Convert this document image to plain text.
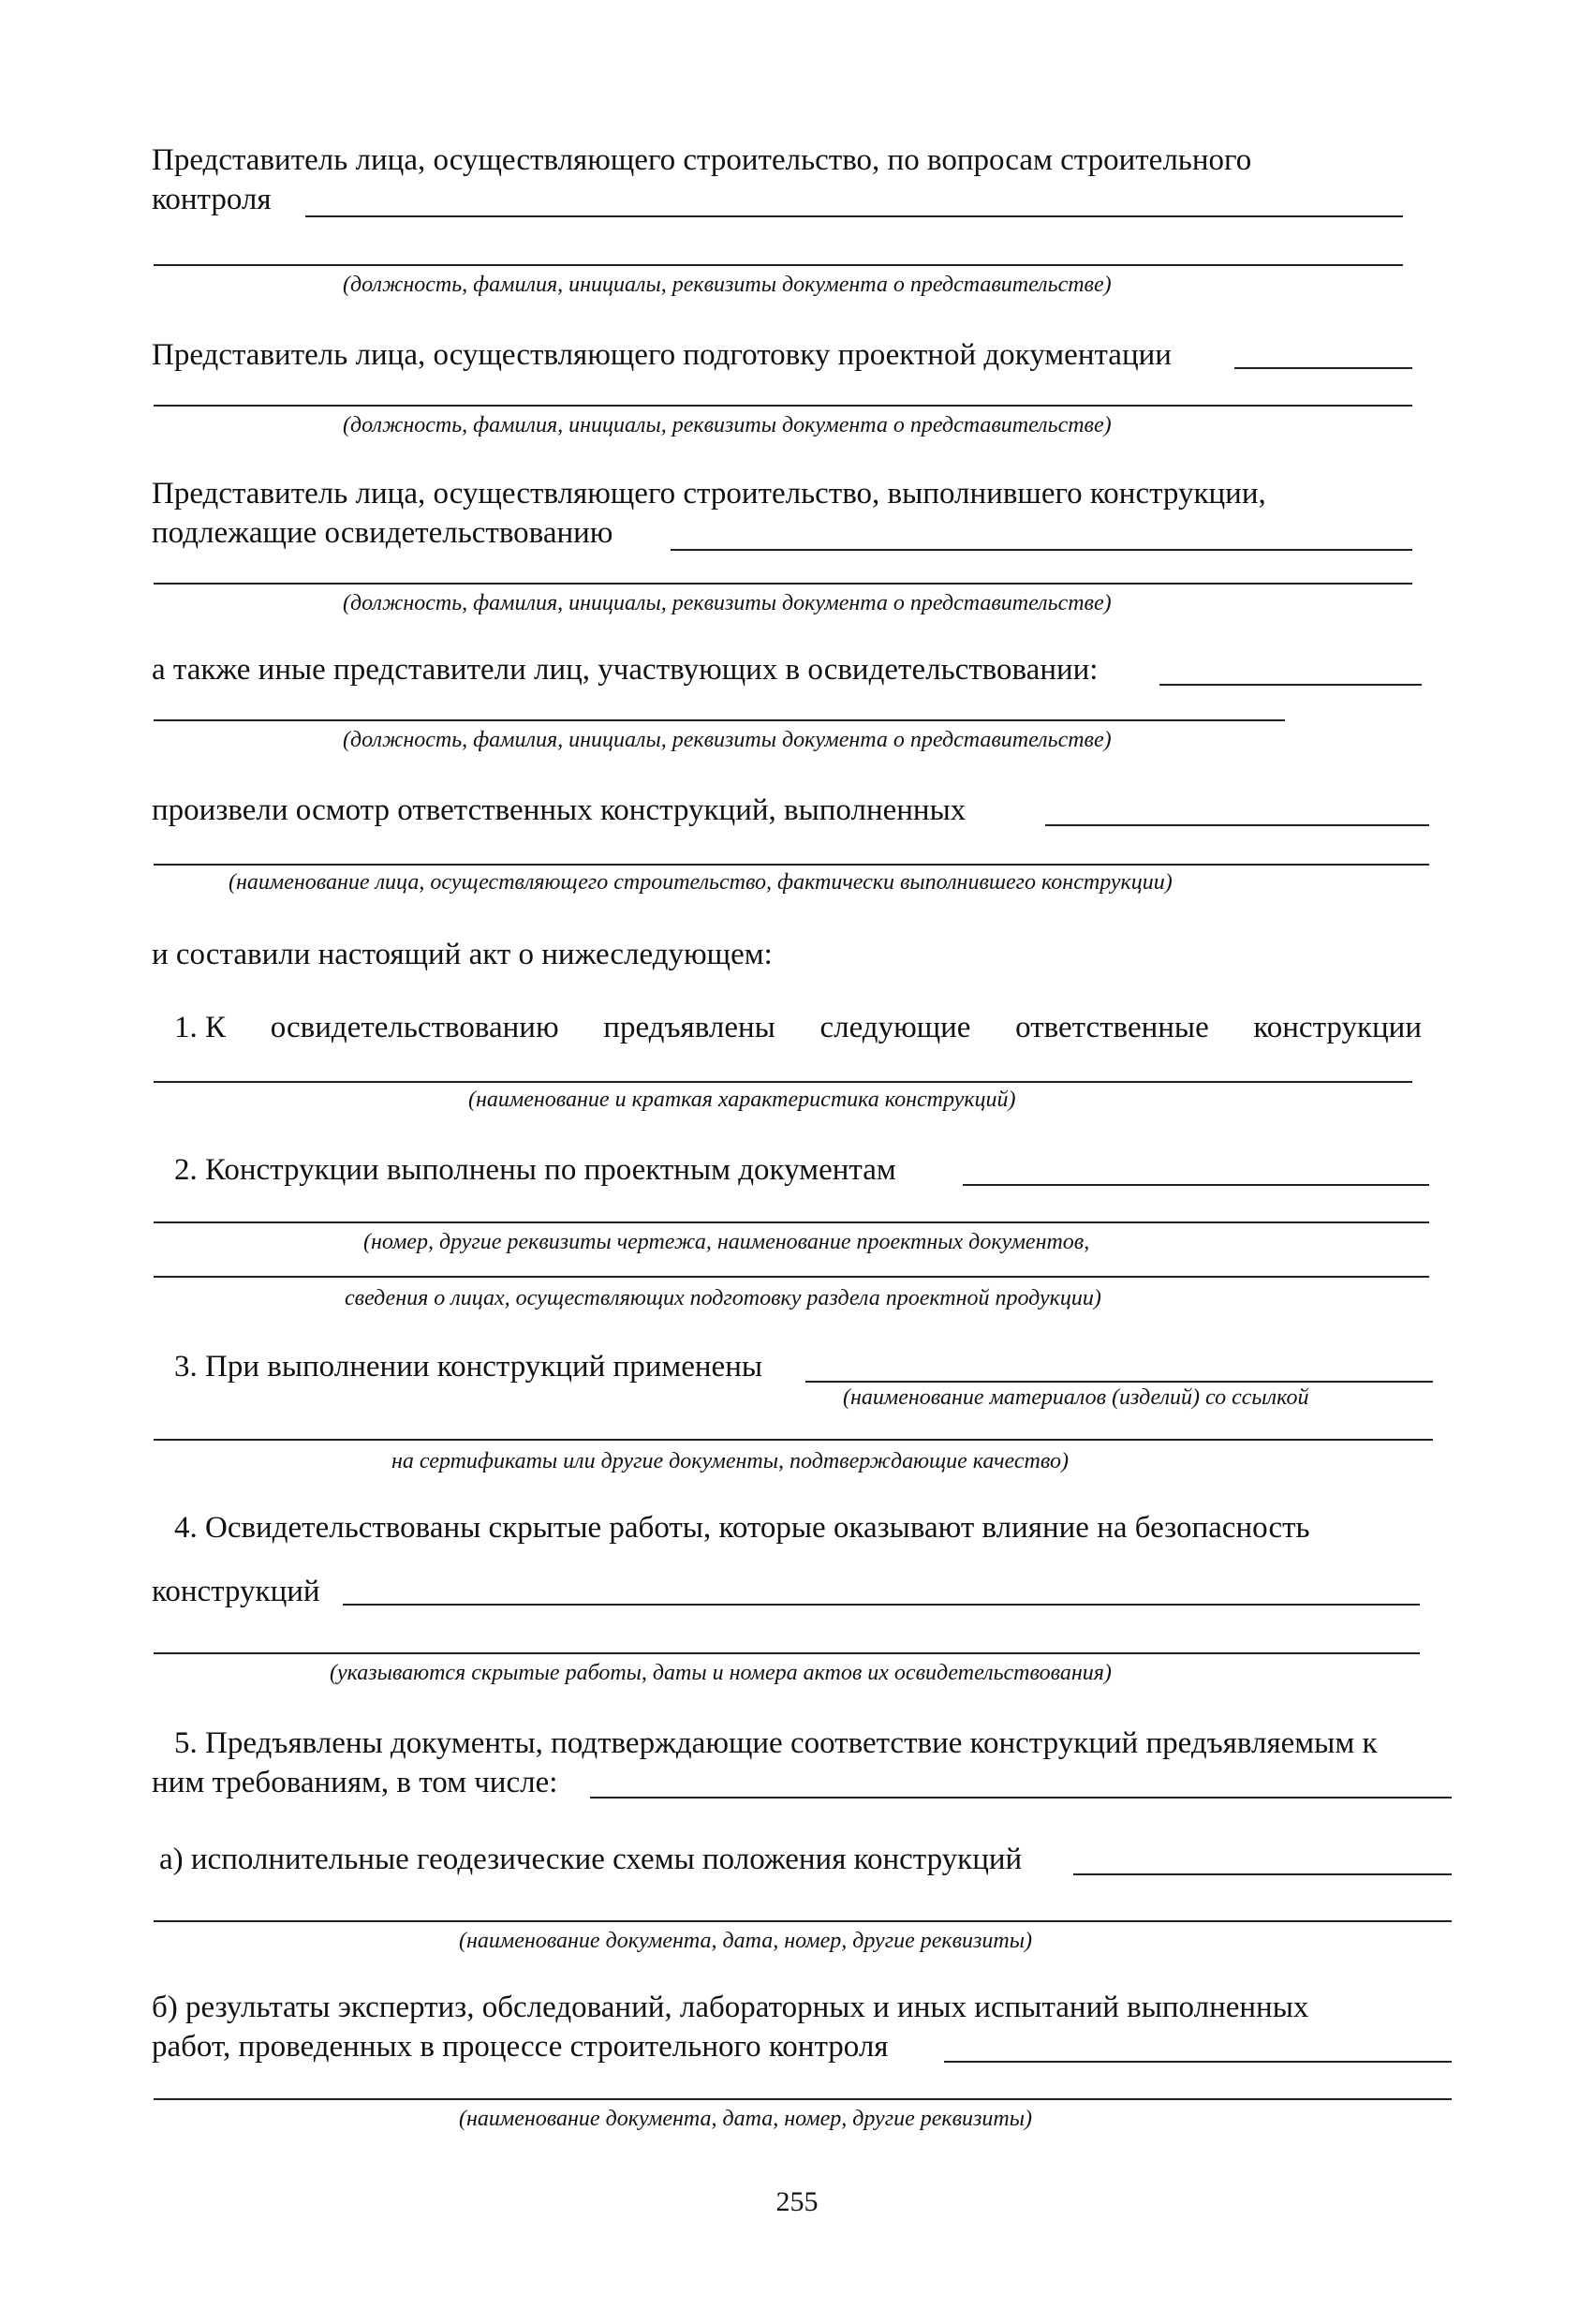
Представитель лица, осуществляющего строительство, по вопросам строительного
контроля
(должность, фамилия, инициалы, реквизиты документа о представительстве)
Представитель лица, осуществляющего подготовку проектной документации
(должность, фамилия, инициалы, реквизиты документа о представительстве)
Представитель лица, осуществляющего строительство, выполнившего конструкции,
подлежащие освидетельствованию
(должность, фамилия, инициалы, реквизиты документа о представительстве)
а также иные представители лиц, участвующих в освидетельствовании:
(должность, фамилия, инициалы, реквизиты документа о представительстве)
произвели осмотр ответственных конструкций, выполненных
(наименование лица, осуществляющего строительство, фактически выполнившего конструкции)
и составили настоящий акт о нижеследующем:
1. К освидетельствованию предъявлены следующие ответственные конструкции
(наименование и краткая характеристика конструкций)
2. Конструкции выполнены по проектным документам
(номер, другие реквизиты чертежа, наименование проектных документов,
сведения о лицах, осуществляющих подготовку раздела проектной продукции)
3. При выполнении конструкций применены
(наименование материалов (изделий) со ссылкой
на сертификаты или другие документы, подтверждающие качество)
4. Освидетельствованы скрытые работы, которые оказывают влияние на безопасность
конструкций
(указываются скрытые работы, даты и номера актов их освидетельствования)
5. Предъявлены документы, подтверждающие соответствие конструкций предъявляемым к
ним требованиям, в том числе:
а) исполнительные геодезические схемы положения конструкций
(наименование документа, дата, номер, другие реквизиты)
б) результаты экспертиз, обследований, лабораторных и иных испытаний выполненных
работ, проведенных в процессе строительного контроля
(наименование документа, дата, номер, другие реквизиты)
255
